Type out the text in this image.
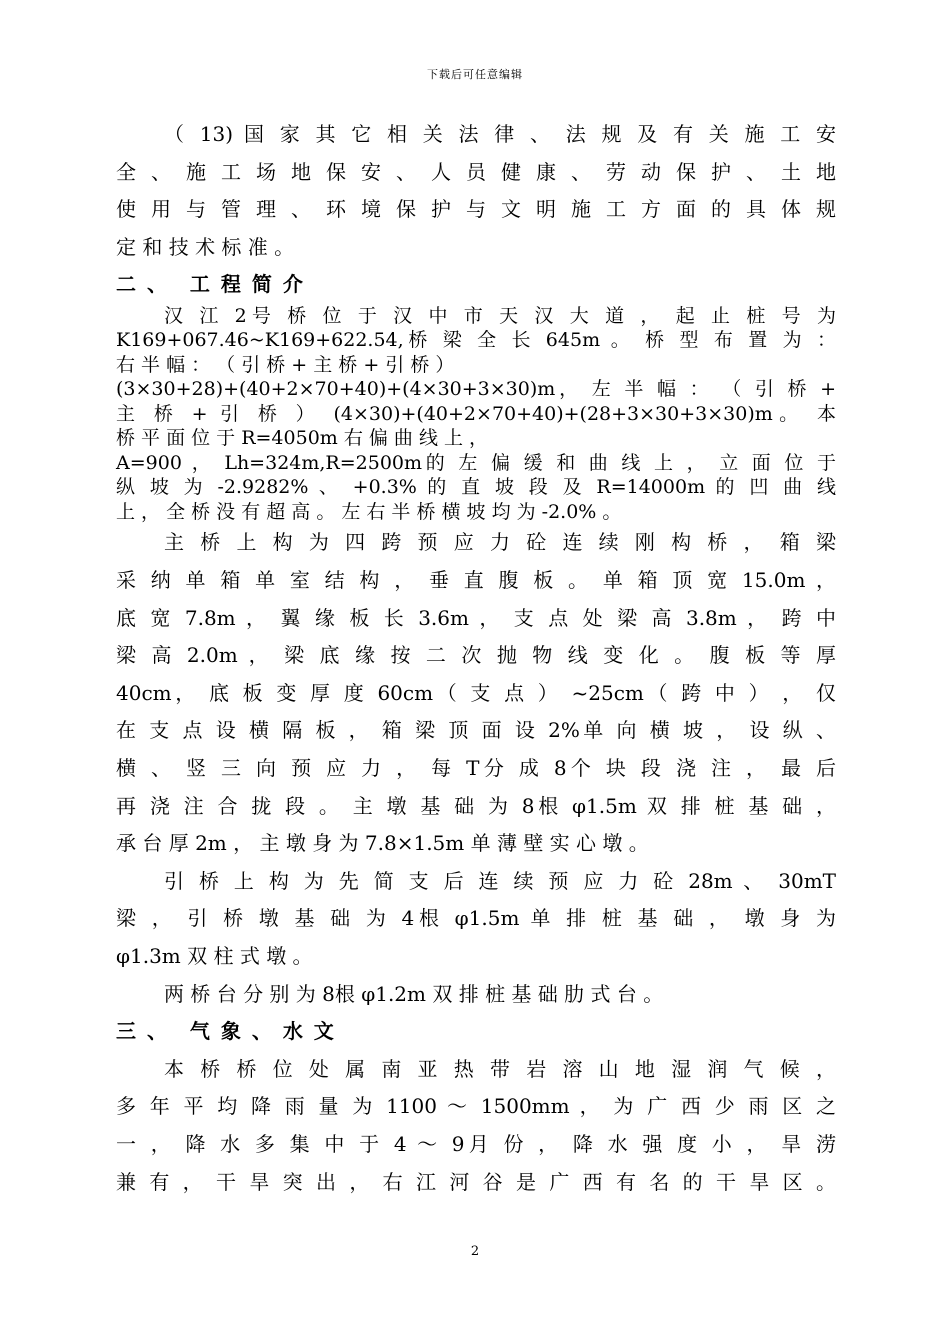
下载后可任意编辑
（ 13) 国 家 其 它 相 关 法 律 、 法 规 及 有 关 施 工 安
全 、 施 工 场 地 保 安 、 人 员 健 康 、 劳 动 保 护 、 土 地
使 用 与 管 理 、 环 境 保 护 与 文 明 施 工 方 面 的 具 体 规
定 和 技 术 标 准 。
二 、　 工 程 简 介
汉 江 2号 桥 位 于 汉 中 市 天 汉 大 道 ， 起 止 桩 号 为
K169+067.46~K169+622.54,桥 梁 全 长 645m 。 桥 型 布 置 为 ：
右 半 幅 ： （ 引 桥 + 主 桥 + 引 桥 ）
(3×30+28)+(40+2×70+40)+(4×30+3×30)m， 左 半 幅 ： （ 引 桥 +
主 桥 + 引 桥 ） (4×30)+(40+2×70+40)+(28+3×30+3×30)m。 本
桥 平 面 位 于 R=4050m 右 偏 曲 线 上 ，
A=900 ， Lh=324m,R=2500m的 左 偏 缓 和 曲 线 上 ， 立 面 位 于
纵 坡 为 -2.9282% 、 +0.3% 的 直 坡 段 及 R=14000m 的 凹 曲 线
上 ， 全 桥 没 有 超 高 。 左 右 半 桥 横 坡 均 为 -2.0% 。
主 桥 上 构 为 四 跨 预 应 力 砼 连 续 刚 构 桥 ， 箱 梁
采 纳 单 箱 单 室 结 构 ， 垂 直 腹 板 。 单 箱 顶 宽 15.0m ，
底 宽 7.8m ， 翼 缘 板 长 3.6m ， 支 点 处 梁 高 3.8m ， 跨 中
梁 高 2.0m ， 梁 底 缘 按 二 次 抛 物 线 变 化 。 腹 板 等 厚
40cm， 底 板 变 厚 度 60cm（ 支 点 ） ~25cm（ 跨 中 ） ， 仅
在 支 点 设 横 隔 板 ， 箱 梁 顶 面 设 2%单 向 横 坡 ， 设 纵 、
横 、 竖 三 向 预 应 力 ， 每 T分 成 8个 块 段 浇 注 ， 最 后
再 浇 注 合 拢 段 。 主 墩 基 础 为 8根 φ1.5m 双 排 桩 基 础 ，
承 台 厚 2m ， 主 墩 身 为 7.8×1.5m 单 薄 壁 实 心 墩 。
引 桥 上 构 为 先 简 支 后 连 续 预 应 力 砼 28m 、 30mT
梁 ， 引 桥 墩 基 础 为 4根 φ1.5m 单 排 桩 基 础 ， 墩 身 为
φ1.3m 双 柱 式 墩 。
两 桥 台 分 别 为 8根 φ1.2m 双 排 桩 基 础 肋 式 台 。
三 、　 气 象 、 水 文
本 桥 桥 位 处 属 南 亚 热 带 岩 溶 山 地 湿 润 气 候 ，
多 年 平 均 降 雨 量 为 1100 ～ 1500mm ， 为 广 西 少 雨 区 之
一 ， 降 水 多 集 中 于 4 ～ 9月 份 ， 降 水 强 度 小 ， 旱 涝
兼 有 ， 干 旱 突 出 ， 右 江 河 谷 是 广 西 有 名 的 干 旱 区 。
2
